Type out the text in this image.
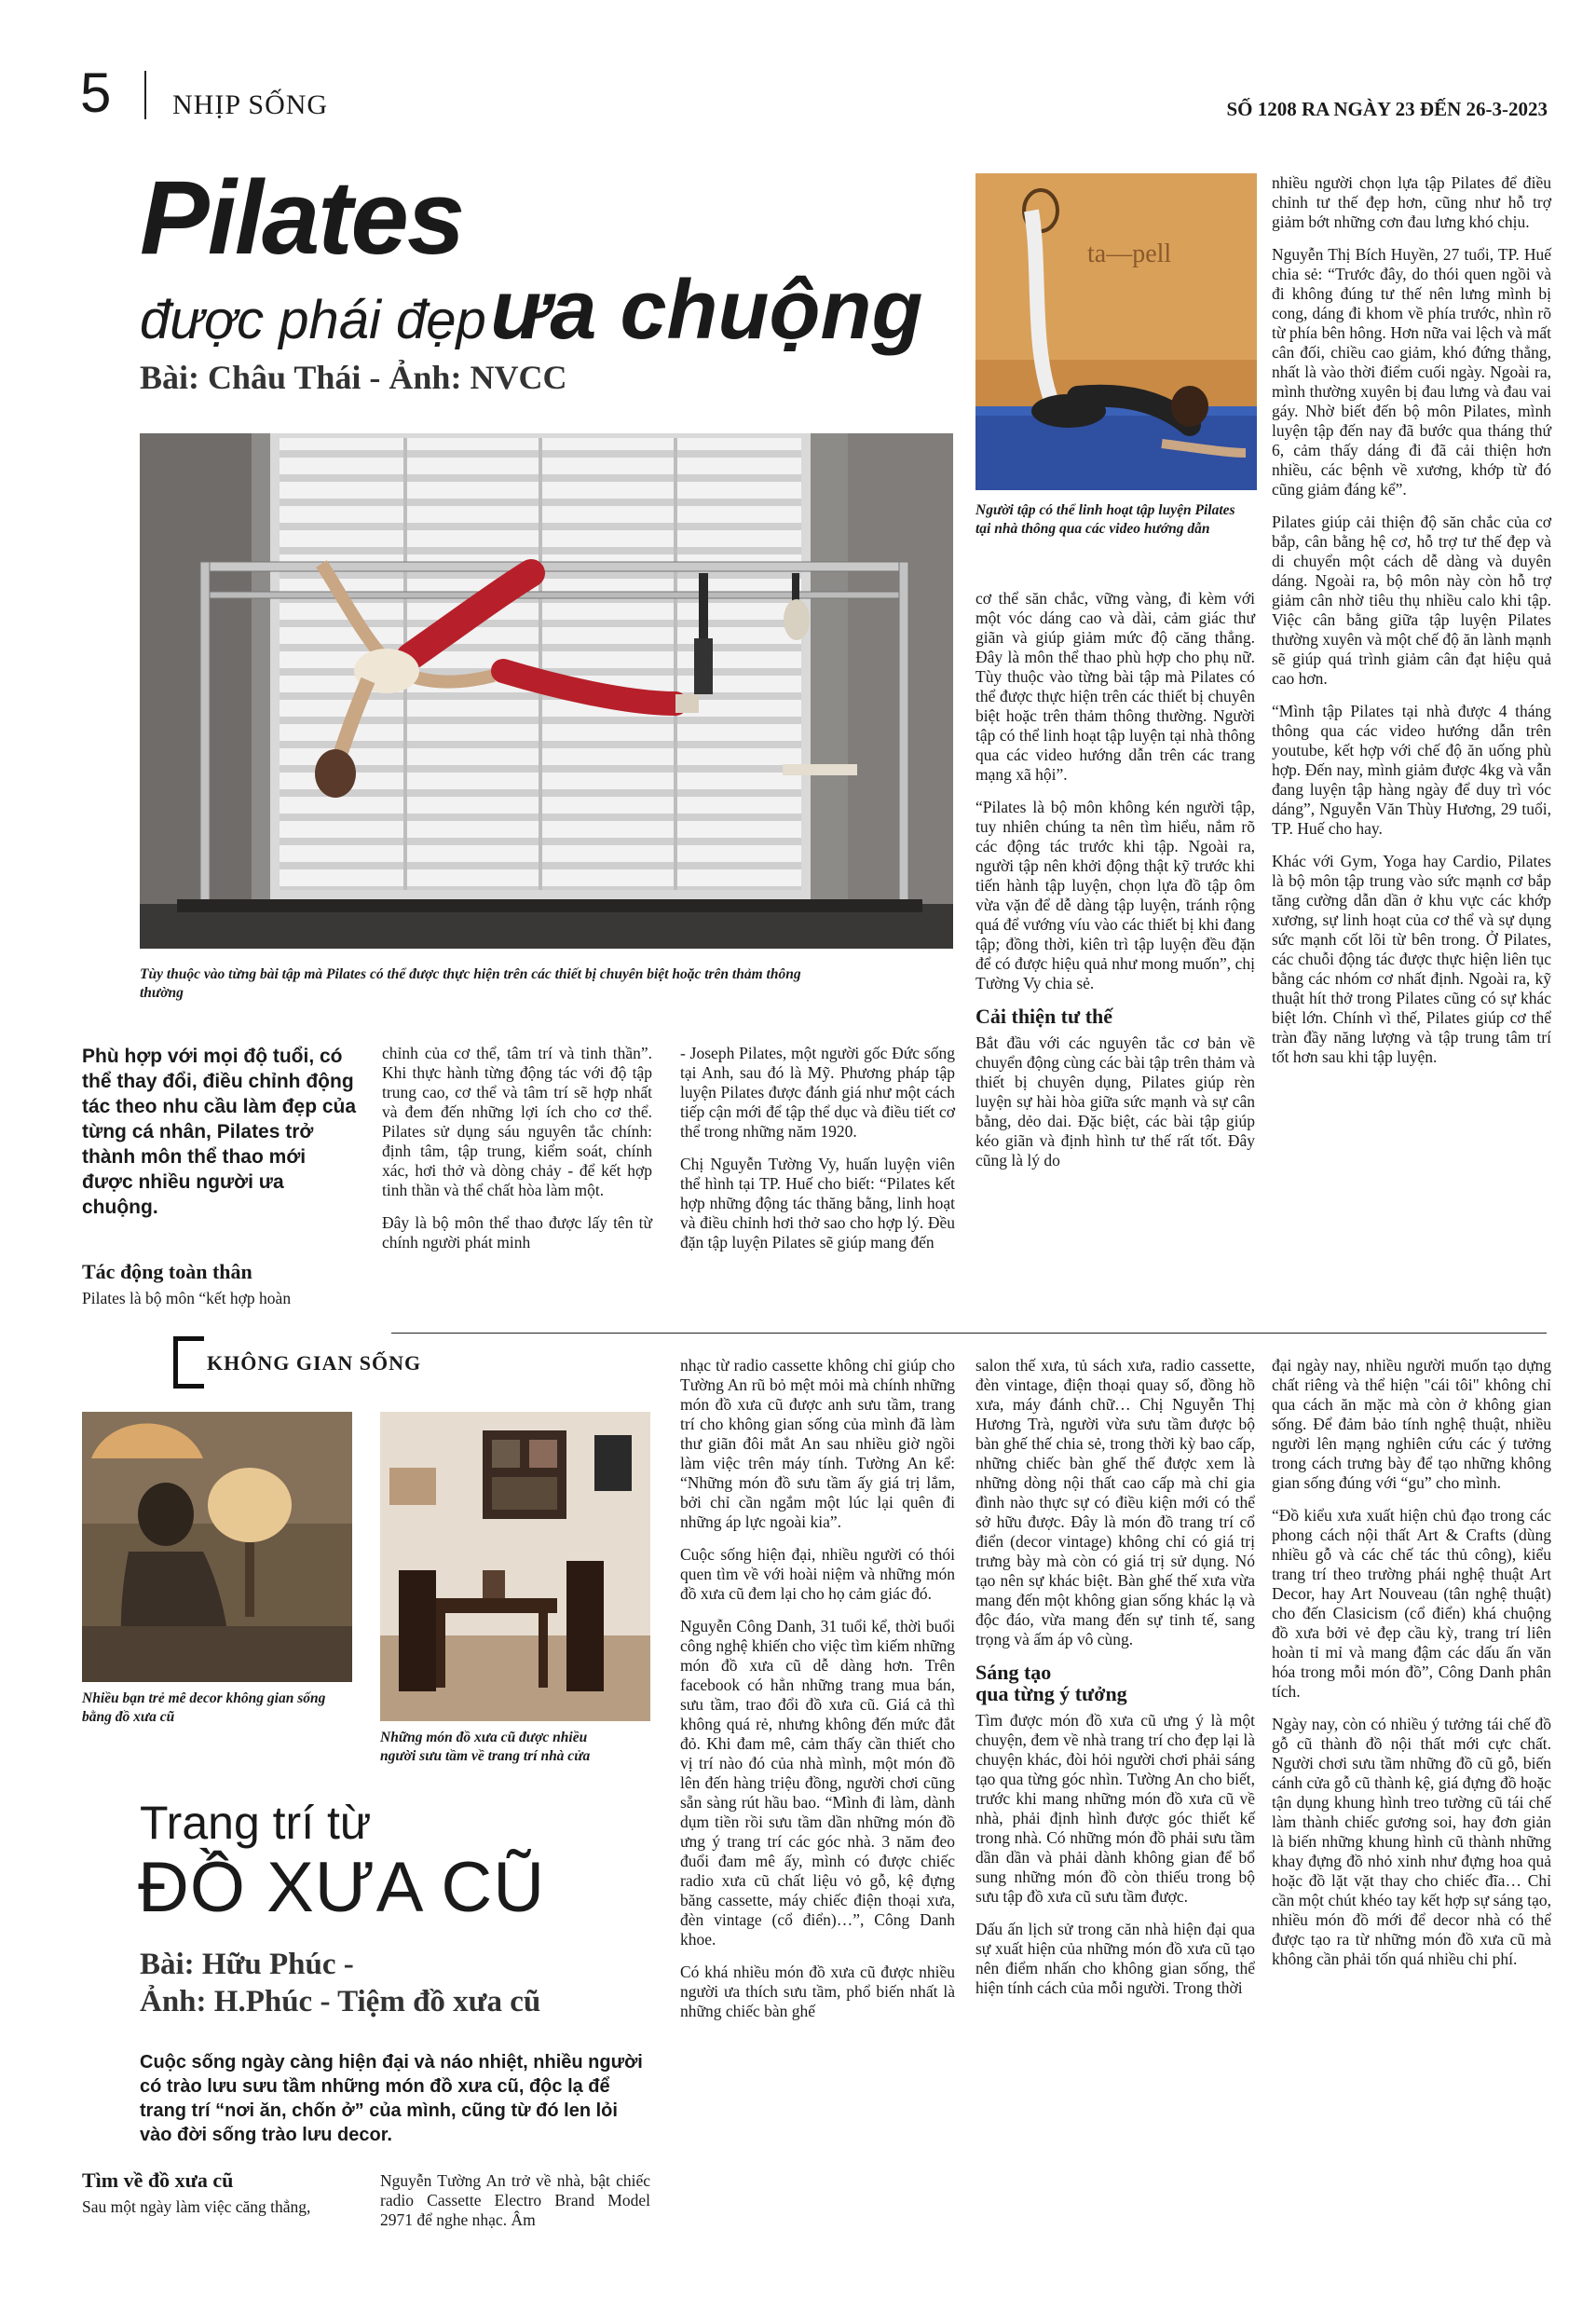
5 NHỊP SỐNG	SỐ 1208 RA NGÀY 23 ĐẾN 26-3-2023
Pilates
được phái đẹp ưa chuộng
Bài: Châu Thái - Ảnh: NVCC
Tùy thuộc vào từng bài tập mà Pilates có thể được thực hiện trên các thiết bị chuyên biệt hoặc trên thảm thông thường
ta—pell
Người tập có thể linh hoạt tập luyện Pilates tại nhà thông qua các video hướng dẫn
Phù hợp với mọi độ tuổi, có thể thay đổi, điều chỉnh động tác theo nhu cầu làm đẹp của từng cá nhân, Pilates trở thành môn thể thao mới được nhiều người ưa chuộng.
Tác động toàn thân

Pilates là bộ môn “kết hợp hoàn

chỉnh của cơ thể, tâm trí và tinh thần”. Khi thực hành từng động tác với độ tập trung cao, cơ thể và tâm trí sẽ hợp nhất và đem đến những lợi ích cho cơ thể. Pilates sử dụng sáu nguyên tắc chính: định tâm, tập trung, kiểm soát, chính xác, hơi thở và dòng chảy - để kết hợp tinh thần và thể chất hòa làm một.

Đây là bộ môn thể thao được lấy tên từ chính người phát minh

- Joseph Pilates, một người gốc Đức sống tại Anh, sau đó là Mỹ. Phương pháp tập luyện Pilates được đánh giá như một cách tiếp cận mới để tập thể dục và điều tiết cơ thể trong những năm 1920.

Chị Nguyễn Tường Vy, huấn luyện viên thể hình tại TP. Huế cho biết: “Pilates kết hợp những động tác thăng bằng, linh hoạt và điều chỉnh hơi thở sao cho hợp lý. Đều đặn tập luyện Pilates sẽ giúp mang đến

cơ thể săn chắc, vững vàng, đi kèm với một vóc dáng cao và dài, cảm giác thư giãn và giúp giảm mức độ căng thẳng. Đây là môn thể thao phù hợp cho phụ nữ. Tùy thuộc vào từng bài tập mà Pilates có thể được thực hiện trên các thiết bị chuyên biệt hoặc trên thảm thông thường. Người tập có thể linh hoạt tập luyện tại nhà thông qua các video hướng dẫn trên các trang mạng xã hội”.

“Pilates là bộ môn không kén người tập, tuy nhiên chúng ta nên tìm hiểu, nắm rõ các động tác trước khi tập. Ngoài ra, người tập nên khởi động thật kỹ trước khi tiến hành tập luyện, chọn lựa đồ tập ôm vừa vặn để dễ dàng tập luyện, tránh rộng quá để vướng víu vào các thiết bị khi đang tập; đồng thời, kiên trì tập luyện đều đặn để có được hiệu quả như mong muốn”, chị Tường Vy chia sẻ.

Cải thiện tư thế

Bắt đầu với các nguyên tắc cơ bản về chuyển động cùng các bài tập trên thảm và thiết bị chuyên dụng, Pilates giúp rèn luyện sự hài hòa giữa sức mạnh và sự cân bằng, dẻo dai. Đặc biệt, các bài tập giúp kéo giãn và định hình tư thế rất tốt. Đây cũng là lý do

nhiều người chọn lựa tập Pilates để điều chỉnh tư thế đẹp hơn, cũng như hỗ trợ giảm bớt những cơn đau lưng khó chịu.

Nguyễn Thị Bích Huyền, 27 tuổi, TP. Huế chia sẻ: “Trước đây, do thói quen ngồi và đi không đúng tư thế nên lưng mình bị cong, dáng đi khom về phía trước, nhìn rõ từ phía bên hông. Hơn nữa vai lệch và mất cân đối, chiều cao giảm, khó đứng thẳng, nhất là vào thời điểm cuối ngày. Ngoài ra, mình thường xuyên bị đau lưng và đau vai gáy. Nhờ biết đến bộ môn Pilates, mình luyện tập đến nay đã bước qua tháng thứ 6, cảm thấy dáng đi đã cải thiện hơn nhiều, các bệnh về xương, khớp từ đó cũng giảm đáng kể”.

Pilates giúp cải thiện độ săn chắc của cơ bắp, cân bằng hệ cơ, hỗ trợ tư thế đẹp và di chuyển một cách dễ dàng và duyên dáng. Ngoài ra, bộ môn này còn hỗ trợ giảm cân nhờ tiêu thụ nhiều calo khi tập. Việc cân bằng giữa tập luyện Pilates thường xuyên và một chế độ ăn lành mạnh sẽ giúp quá trình giảm cân đạt hiệu quả cao hơn.

“Mình tập Pilates tại nhà được 4 tháng thông qua các video hướng dẫn trên youtube, kết hợp với chế độ ăn uống phù hợp. Đến nay, mình giảm được 4kg và vẫn đang luyện tập hàng ngày để duy trì vóc dáng”, Nguyễn Văn Thùy Hương, 29 tuổi, TP. Huế cho hay.

Khác với Gym, Yoga hay Cardio, Pilates là bộ môn tập trung vào sức mạnh cơ bắp tăng cường dẫn dần ở khu vực các khớp xương, sự linh hoạt của cơ thể và sự dụng sức mạnh cốt lõi từ bên trong. Ở Pilates, các chuỗi động tác được thực hiện liên tục bằng các nhóm cơ nhất định. Ngoài ra, kỹ thuật hít thở trong Pilates cũng có sự khác biệt lớn. Chính vì thế, Pilates giúp cơ thể tràn đầy năng lượng và tập trung tâm trí tốt hơn sau khi tập luyện.

KHÔNG GIAN SỐNG
Nhiều bạn trẻ mê decor không gian sống bằng đồ xưa cũ
Những món đồ xưa cũ được nhiều người sưu tầm về trang trí nhà cửa
Trang trí từ
ĐỒ XƯA CŨ
Bài: Hữu Phúc -
Ảnh: H.Phúc - Tiệm đồ xưa cũ
Cuộc sống ngày càng hiện đại và náo nhiệt, nhiều người có trào lưu sưu tầm những món đồ xưa cũ, độc lạ để trang trí “nơi ăn, chốn ở” của mình, cũng từ đó len lỏi vào đời sống trào lưu decor.
Tìm về đồ xưa cũ

Sau một ngày làm việc căng thẳng,

Nguyễn Tường An trở về nhà, bật chiếc radio Cassette Electro Brand Model 2971 để nghe nhạc. Âm

nhạc từ radio cassette không chỉ giúp cho Tường An rũ bỏ mệt mỏi mà chính những món đồ xưa cũ được anh sưu tầm, trang trí cho không gian sống của mình đã làm thư giãn đôi mắt An sau nhiều giờ ngồi làm việc trên máy tính. Tường An kể: “Những món đồ sưu tầm ấy giá trị lắm, bởi chỉ cần ngắm một lúc lại quên đi những áp lực ngoài kia”.

Cuộc sống hiện đại, nhiều người có thói quen tìm về với hoài niệm và những món đồ xưa cũ đem lại cho họ cảm giác đó.

Nguyễn Công Danh, 31 tuổi kể, thời buổi công nghệ khiến cho việc tìm kiếm những món đồ xưa cũ dễ dàng hơn. Trên facebook có hẳn những trang mua bán, sưu tầm, trao đổi đồ xưa cũ. Giá cả thì không quá rẻ, nhưng không đến mức đắt đỏ. Khi đam mê, cảm thấy cần thiết cho vị trí nào đó của nhà mình, một món đồ lên đến hàng triệu đồng, người chơi cũng sẵn sàng rút hầu bao. “Mình đi làm, dành dụm tiền rồi sưu tầm dần những món đồ ưng ý trang trí các góc nhà. 3 năm đeo đuổi đam mê ấy, mình có được chiếc radio xưa cũ chất liệu vỏ gỗ, kệ đựng băng cassette, máy chiếc điện thoại xưa, đèn vintage (cổ điển)…”, Công Danh khoe.

Có khá nhiều món đồ xưa cũ được nhiều người ưa thích sưu tầm, phổ biến nhất là những chiếc bàn ghế

salon thế xưa, tủ sách xưa, radio cassette, đèn vintage, điện thoại quay số, đồng hồ xưa, máy đánh chữ… Chị Nguyễn Thị Hương Trà, người vừa sưu tầm được bộ bàn ghế thế chia sẻ, trong thời kỳ bao cấp, những chiếc bàn ghế thế được xem là những dòng nội thất cao cấp mà chỉ gia đình nào thực sự có điều kiện mới có thể sở hữu được. Đây là món đồ trang trí cổ điển (decor vintage) không chỉ có giá trị trưng bày mà còn có giá trị sử dụng. Nó tạo nên sự khác biệt. Bàn ghế thế xưa vừa mang đến một không gian sống khác lạ và độc đáo, vừa mang đến sự tinh tế, sang trọng và ấm áp vô cùng.

Sáng tạo
qua từng ý tưởng

Tìm được món đồ xưa cũ ưng ý là một chuyện, đem về nhà trang trí cho đẹp lại là chuyện khác, đòi hỏi người chơi phải sáng tạo qua từng góc nhìn. Tường An cho biết, trước khi mang những món đồ xưa cũ về nhà, phải định hình được góc thiết kế trong nhà. Có những món đồ phải sưu tầm dần dần và phải dành không gian để bổ sung những món đồ còn thiếu trong bộ sưu tập đồ xưa cũ sưu tầm được.

Dấu ấn lịch sử trong căn nhà hiện đại qua sự xuất hiện của những món đồ xưa cũ tạo nên điểm nhấn cho không gian sống, thể hiện tính cách của mỗi người. Trong thời

đại ngày nay, nhiều người muốn tạo dựng chất riêng và thể hiện "cái tôi" không chỉ qua cách ăn mặc mà còn ở không gian sống. Để đảm bảo tính nghệ thuật, nhiều người lên mạng nghiên cứu các ý tưởng trong cách trưng bày để tạo những không gian sống đúng với “gu” cho mình.

“Đồ kiểu xưa xuất hiện chủ đạo trong các phong cách nội thất Art & Crafts (dùng nhiều gỗ và các chế tác thủ công), kiểu trang trí theo trường phái nghệ thuật Art Decor, hay Art Nouveau (tân nghệ thuật) cho đến Clasicism (cổ điển) khá chuộng đồ xưa bởi vẻ đẹp cầu kỳ, trang trí liên hoàn tỉ mỉ và mang đậm các dấu ấn văn hóa trong mỗi món đồ”, Công Danh phân tích.

Ngày nay, còn có nhiều ý tưởng tái chế đồ gỗ cũ thành đồ nội thất mới cực chất. Người chơi sưu tầm những đồ cũ gỗ, biến cánh cửa gỗ cũ thành kệ, giá đựng đồ hoặc tận dụng khung hình treo tường cũ tái chế làm thành chiếc gương soi, hay đơn giản là biến những khung hình cũ thành những khay đựng đồ nhỏ xinh như đựng hoa quả hoặc đồ lặt vặt thay cho chiếc đĩa… Chỉ cần một chút khéo tay kết hợp sự sáng tạo, nhiều món đồ mới để decor nhà có thể được tạo ra từ những món đồ xưa cũ mà không cần phải tốn quá nhiều chi phí.
